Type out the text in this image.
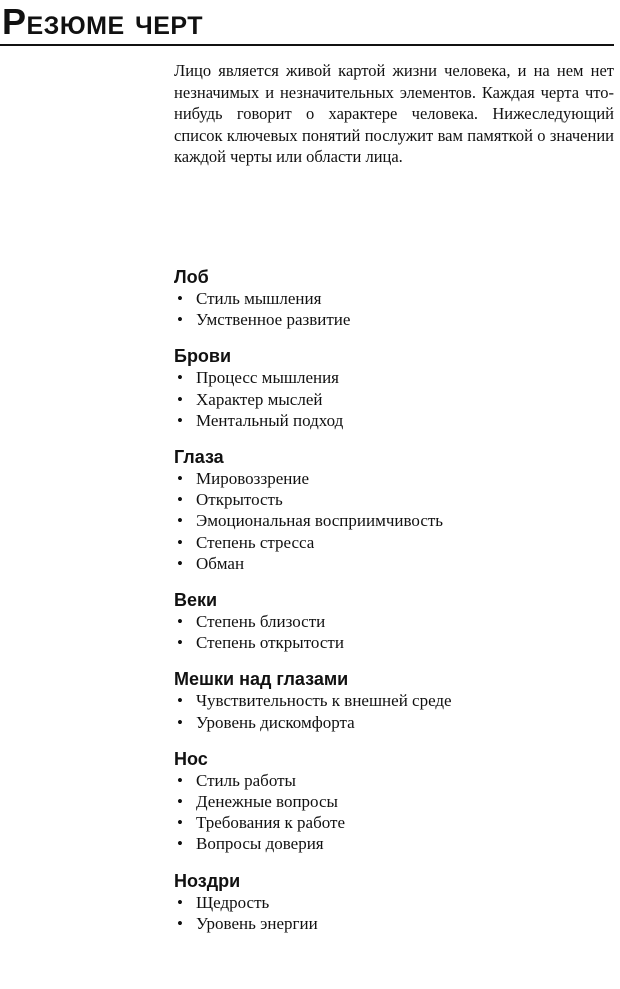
Резюме черт

Лицо является живой картой жизни человека, и на нем нет незначимых и незначительных элементов. Каждая черта что-нибудь говорит о характере человека. Нижеследующий список ключевых понятий послужит вам памяткой о значении каждой черты или области лица.

Лоб
• Стиль мышления
• Умственное развитие
Брови
• Процесс мышления
• Характер мыслей
• Ментальный подход
Глаза
• Мировоззрение
• Открытость
• Эмоциональная восприимчивость
• Степень стресса
• Обман
Веки
• Степень близости
• Степень открытости
Мешки над глазами
• Чувствительность к внешней среде
• Уровень дискомфорта
Нос
• Стиль работы
• Денежные вопросы
• Требования к работе
• Вопросы доверия
Ноздри
• Щедрость
• Уровень энергии
